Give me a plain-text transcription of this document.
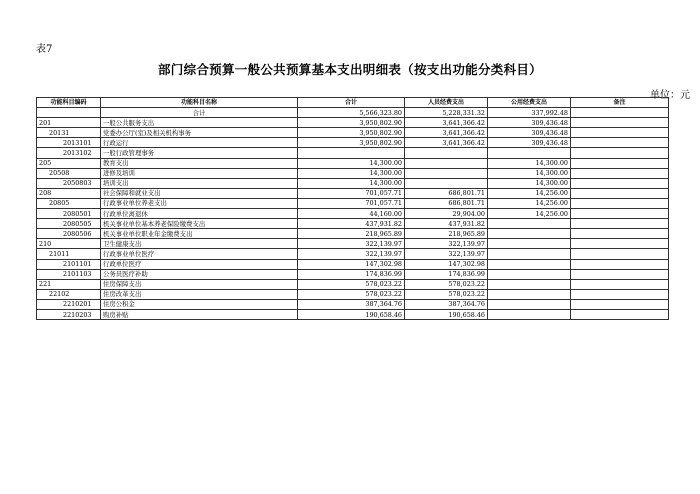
表7
部门综合预算一般公共预算基本支出明细表（按支出功能分类科目）
单位：元
功能科目编码	功能科目名称	合计	人员经费支出	公用经费支出	备注
	合计	5,566,323.80	5,228,331.32	337,992.48	
201	一般公共服务支出	3,950,802.90	3,641,366.42	309,436.48	
20131	党委办公厅(室)及相关机构事务	3,950,802.90	3,641,366.42	309,436.48	
2013101	行政运行	3,950,802.90	3,641,366.42	309,436.48	
2013102	一般行政管理事务				
205	教育支出	14,300.00		14,300.00	
20508	进修及培训	14,300.00		14,300.00	
2050803	培训支出	14,300.00		14,300.00	
208	社会保障和就业支出	701,057.71	686,801.71	14,256.00	
20805	行政事业单位养老支出	701,057.71	686,801.71	14,256.00	
2080501	行政单位离退休	44,160.00	29,904.00	14,256.00	
2080505	机关事业单位基本养老保险缴费支出	437,931.82	437,931.82		
2080506	机关事业单位职业年金缴费支出	218,965.89	218,965.89		
210	卫生健康支出	322,139.97	322,139.97		
21011	行政事业单位医疗	322,139.97	322,139.97		
2101101	行政单位医疗	147,302.98	147,302.98		
2101103	公务员医疗补助	174,836.99	174,836.99		
221	住房保障支出	578,023.22	578,023.22		
22102	住房改革支出	578,023.22	578,023.22		
2210201	住房公积金	387,364.76	387,364.76		
2210203	购房补贴	190,658.46	190,658.46		
